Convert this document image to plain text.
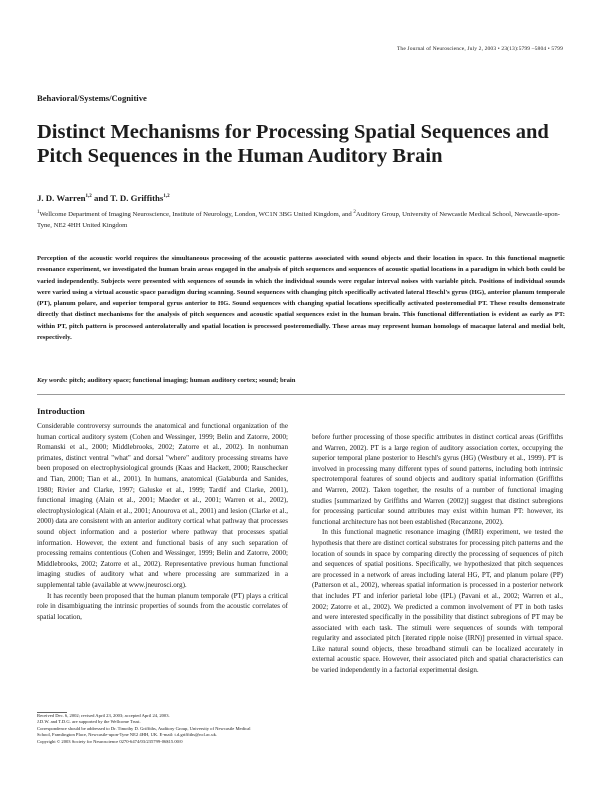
The Journal of Neuroscience, July 2, 2003 • 23(13):5799 –5804 • 5799
Behavioral/Systems/Cognitive
Distinct Mechanisms for Processing Spatial Sequences and Pitch Sequences in the Human Auditory Brain
J. D. Warren$^{1,2}$ and T. D. Griffiths$^{1,2}$
$^1$Wellcome Department of Imaging Neuroscience, Institute of Neurology, London, WC1N 3BG United Kingdom, and $^2$Auditory Group, University of Newcastle Medical School, Newcastle-upon-Tyne, NE2 4HH United Kingdom

Perception of the acoustic world requires the simultaneous processing of the acoustic patterns associated with sound objects and their location in space. In this functional magnetic resonance experiment, we investigated the human brain areas engaged in the analysis of pitch sequences and sequences of acoustic spatial locations in a paradigm in which both could be varied independently. Subjects were presented with sequences of sounds in which the individual sounds were regular interval noises with variable pitch. Positions of individual sounds were varied using a virtual acoustic space paradigm during scanning. Sound sequences with changing pitch specifically activated lateral Heschl's gyrus (HG), anterior planum temporale (PT), planum polare, and superior temporal gyrus anterior to HG. Sound sequences with changing spatial locations specifically activated posteromedial PT. These results demonstrate directly that distinct mechanisms for the analysis of pitch sequences and acoustic spatial sequences exist in the human brain. This functional differentiation is evident as early as PT: within PT, pitch pattern is processed anterolaterally and spatial location is processed posteromedially. These areas may represent human homologs of macaque lateral and medial belt, respectively.

Key words: pitch; auditory space; functional imaging; human auditory cortex; sound; brain
Introduction

Considerable controversy surrounds the anatomical and functional organization of the human cortical auditory system (Cohen and Wessinger, 1999; Belin and Zatorre, 2000; Romanski et al., 2000; Middlebrooks, 2002; Zatorre et al., 2002). In nonhuman primates, distinct ventral "what" and dorsal "where" auditory processing streams have been proposed on electrophysiological grounds (Kaas and Hackett, 2000; Rauschecker and Tian, 2000; Tian et al., 2001). In humans, anatomical (Galaburda and Sanides, 1980; Rivier and Clarke, 1997; Galuske et al., 1999; Tardif and Clarke, 2001), functional imaging (Alain et al., 2001; Maeder et al., 2001; Warren et al., 2002), electrophysiological (Alain et al., 2001; Anourova et al., 2001) and lesion (Clarke et al., 2000) data are consistent with an anterior auditory cortical what pathway that processes sound object information and a posterior where pathway that processes spatial information. However, the extent and functional basis of any such separation of processing remains contentious (Cohen and Wessinger, 1999; Belin and Zatorre, 2000; Middlebrooks, 2002; Zatorre et al., 2002). Representative previous human functional imaging studies of auditory what and where processing are summarized in a supplemental table (available at www.jneurosci.org).

It has recently been proposed that the human planum temporale (PT) plays a critical role in disambiguating the intrinsic properties of sounds from the acoustic correlates of spatial location,

before further processing of those specific attributes in distinct cortical areas (Griffiths and Warren, 2002). PT is a large region of auditory association cortex, occupying the superior temporal plane posterior to Heschl's gyrus (HG) (Westbury et al., 1999). PT is involved in processing many different types of sound patterns, including both intrinsic spectrotemporal features of sound objects and auditory spatial information (Griffiths and Warren, 2002). Taken together, the results of a number of functional imaging studies [summarized by Griffiths and Warren (2002)] suggest that distinct subregions for processing particular sound attributes may exist within human PT: however, its functional architecture has not been established (Recanzone, 2002).

In this functional magnetic resonance imaging (fMRI) experiment, we tested the hypothesis that there are distinct cortical substrates for processing pitch patterns and the location of sounds in space by comparing directly the processing of sequences of pitch and sequences of spatial positions. Specifically, we hypothesized that pitch sequences are processed in a network of areas including lateral HG, PT, and planum polare (PP) (Patterson et al., 2002), whereas spatial information is processed in a posterior network that includes PT and inferior parietal lobe (IPL) (Pavani et al., 2002; Warren et al., 2002; Zatorre et al., 2002). We predicted a common involvement of PT in both tasks and were interested specifically in the possibility that distinct subregions of PT may be associated with each task. The stimuli were sequences of sounds with temporal regularity and associated pitch [iterated ripple noise (IRN)] presented in virtual space. Like natural sound objects, these broadband stimuli can be localized accurately in external acoustic space. However, their associated pitch and spatial characteristics can be varied independently in a factorial experimental design.

Received Dec. 6, 2002; revised April 23, 2003; accepted April 24, 2003.
J.D.W. and T.D.G. are supported by the Wellcome Trust.
Correspondence should be addressed to Dr. Timothy D. Griffiths, Auditory Group, University of Newcastle Medical
School, Framlington Place, Newcastle-upon-Tyne NE2 4HH, UK. E-mail: t.d.griffiths@ncl.ac.uk.
Copyright © 2003 Society for Neuroscience 0270-6474/03/235799-06$15.00/0
